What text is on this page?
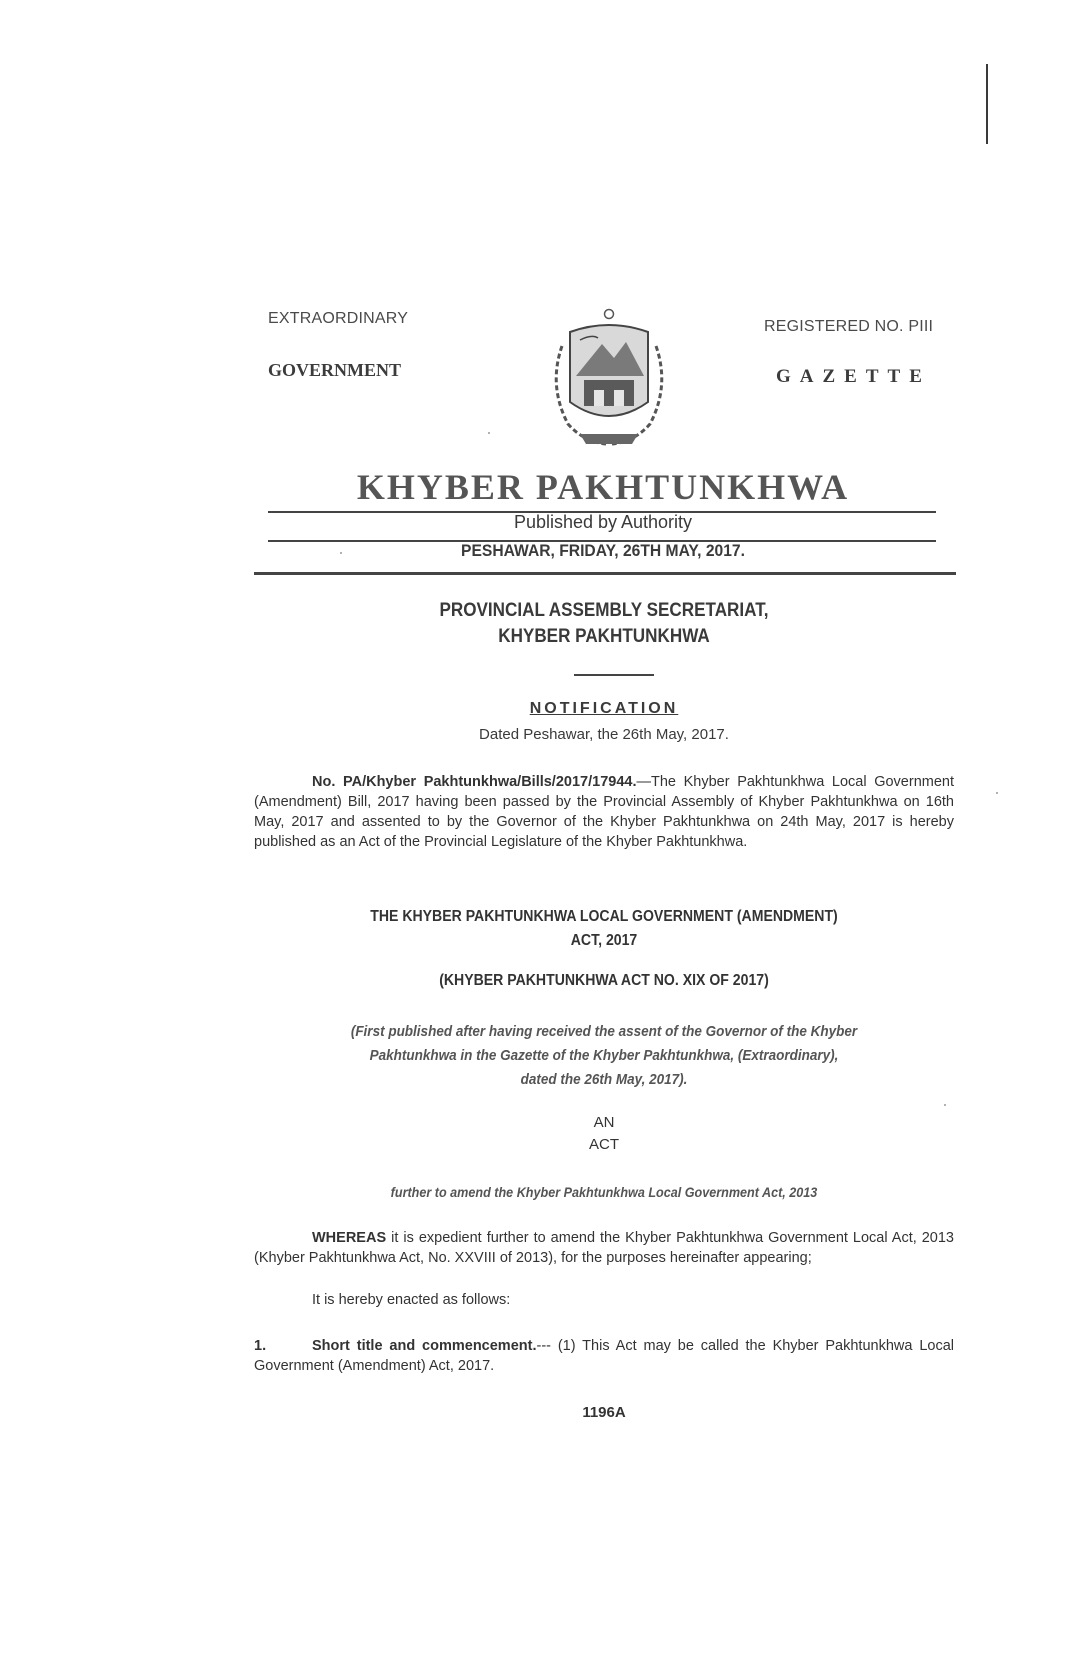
EXTRAORDINARY
GOVERNMENT
REGISTERED NO. PIII
GAZETTE
KHYBER PAKHTUNKHWA
Published by Authority
PESHAWAR, FRIDAY, 26TH MAY, 2017.
PROVINCIAL ASSEMBLY SECRETARIAT,
KHYBER PAKHTUNKHWA
NOTIFICATION
Dated Peshawar, the 26th May, 2017.
No. PA/Khyber Pakhtunkhwa/Bills/2017/17944.—The Khyber Pakhtunkhwa Local Government (Amendment) Bill, 2017 having been passed by the Provincial Assembly of Khyber Pakhtunkhwa on 16th May, 2017 and assented to by the Governor of the Khyber Pakhtunkhwa on 24th May, 2017 is hereby published as an Act of the Provincial Legislature of the Khyber Pakhtunkhwa.
THE KHYBER PAKHTUNKHWA LOCAL GOVERNMENT (AMENDMENT)
ACT, 2017
(KHYBER PAKHTUNKHWA ACT NO. XIX OF 2017)
(First published after having received the assent of the Governor of the Khyber
Pakhtunkhwa in the Gazette of the Khyber Pakhtunkhwa, (Extraordinary),
dated the 26th May, 2017).
AN
ACT
further to amend the Khyber Pakhtunkhwa Local Government Act, 2013
WHEREAS it is expedient further to amend the Khyber Pakhtunkhwa Government Local Act, 2013 (Khyber Pakhtunkhwa Act, No. XXVIII of 2013), for the purposes hereinafter appearing;
It is hereby enacted as follows:
1.	Short title and commencement.--- (1) This Act may be called the Khyber Pakhtunkhwa Local Government (Amendment) Act, 2017.
1196A
